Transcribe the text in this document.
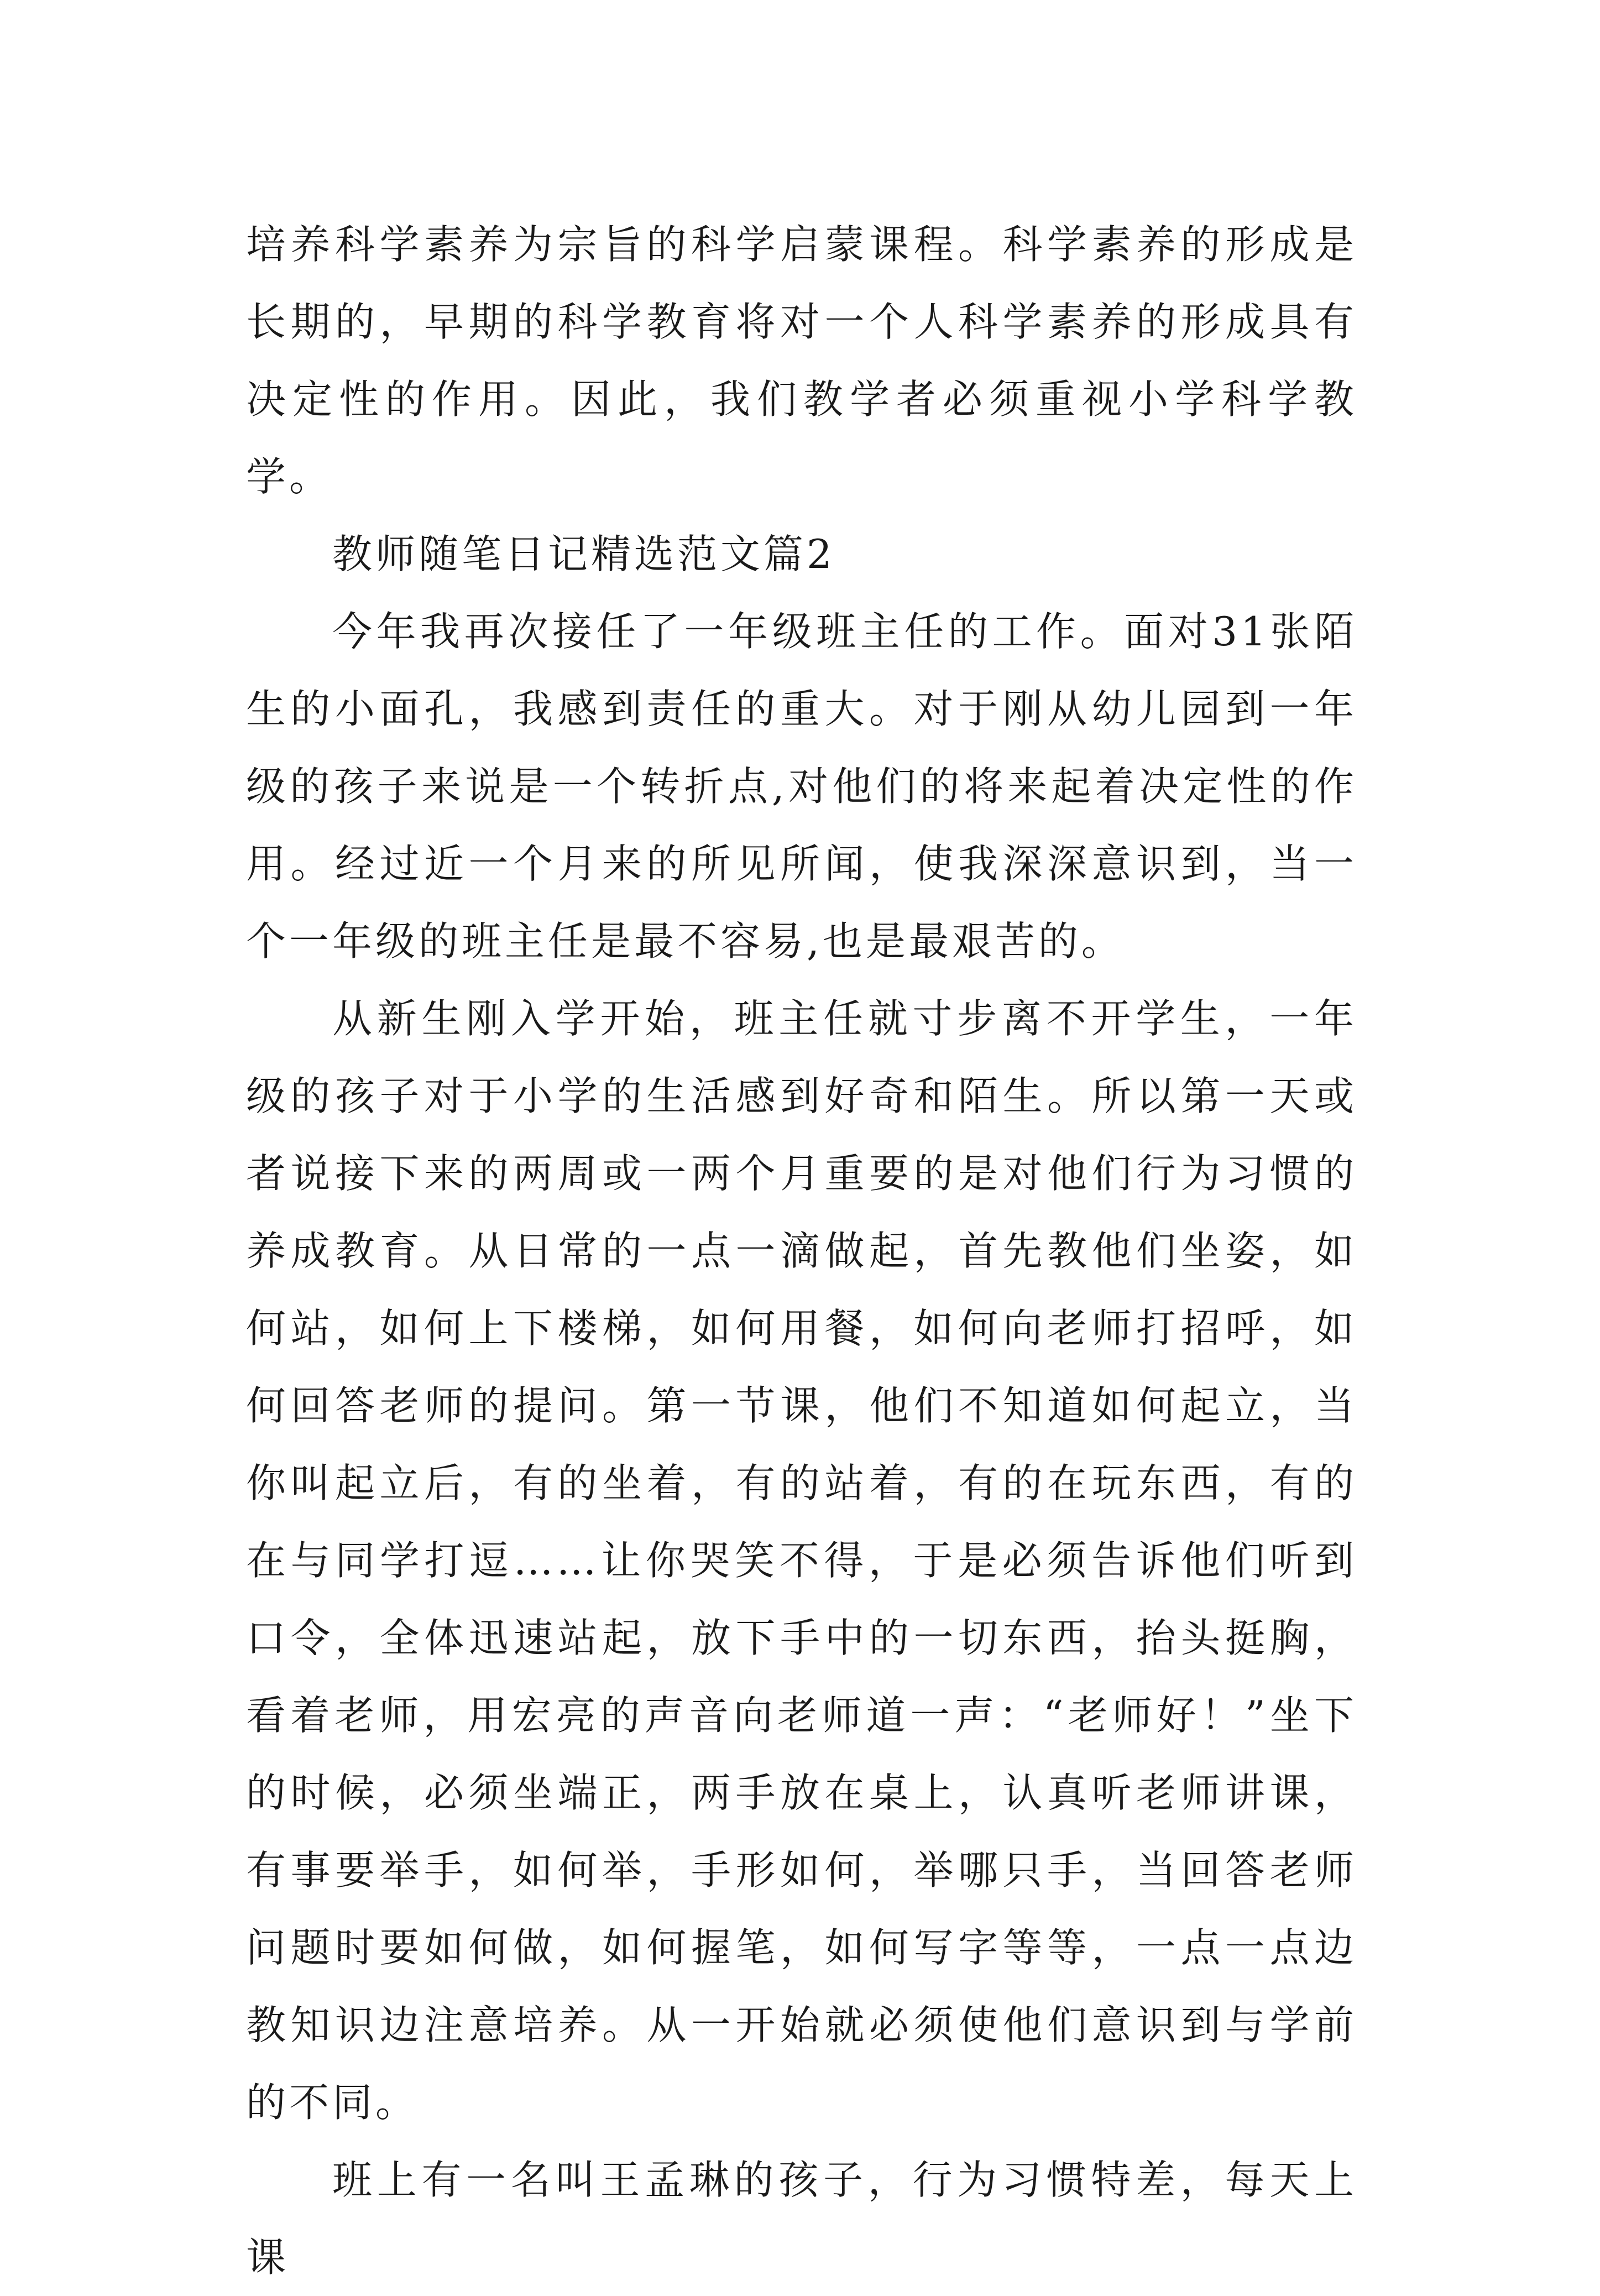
培养科学素养为宗旨的科学启蒙课程。科学素养的形成是长期的，早期的科学教育将对一个人科学素养的形成具有决定性的作用。因此，我们教学者必须重视小学科学教学。

教师随笔日记精选范文篇2

今年我再次接任了一年级班主任的工作。面对31张陌生的小面孔，我感到责任的重大。对于刚从幼儿园到一年级的孩子来说是一个转折点,对他们的将来起着决定性的作用。经过近一个月来的所见所闻，使我深深意识到，当一个一年级的班主任是最不容易,也是最艰苦的。

从新生刚入学开始，班主任就寸步离不开学生，一年级的孩子对于小学的生活感到好奇和陌生。所以第一天或者说接下来的两周或一两个月重要的是对他们行为习惯的养成教育。从日常的一点一滴做起，首先教他们坐姿，如何站，如何上下楼梯，如何用餐，如何向老师打招呼，如何回答老师的提问。第一节课，他们不知道如何起立，当你叫起立后，有的坐着，有的站着，有的在玩东西，有的在与同学打逗……让你哭笑不得，于是必须告诉他们听到口令，全体迅速站起，放下手中的一切东西，抬头挺胸，看着老师，用宏亮的声音向老师道一声：“老师好！”坐下的时候，必须坐端正，两手放在桌上，认真听老师讲课，有事要举手，如何举，手形如何，举哪只手，当回答老师问题时要如何做，如何握笔，如何写字等等，一点一点边教知识边注意培养。从一开始就必须使他们意识到与学前的不同。

班上有一名叫王孟琳的孩子，行为习惯特差，每天上课
